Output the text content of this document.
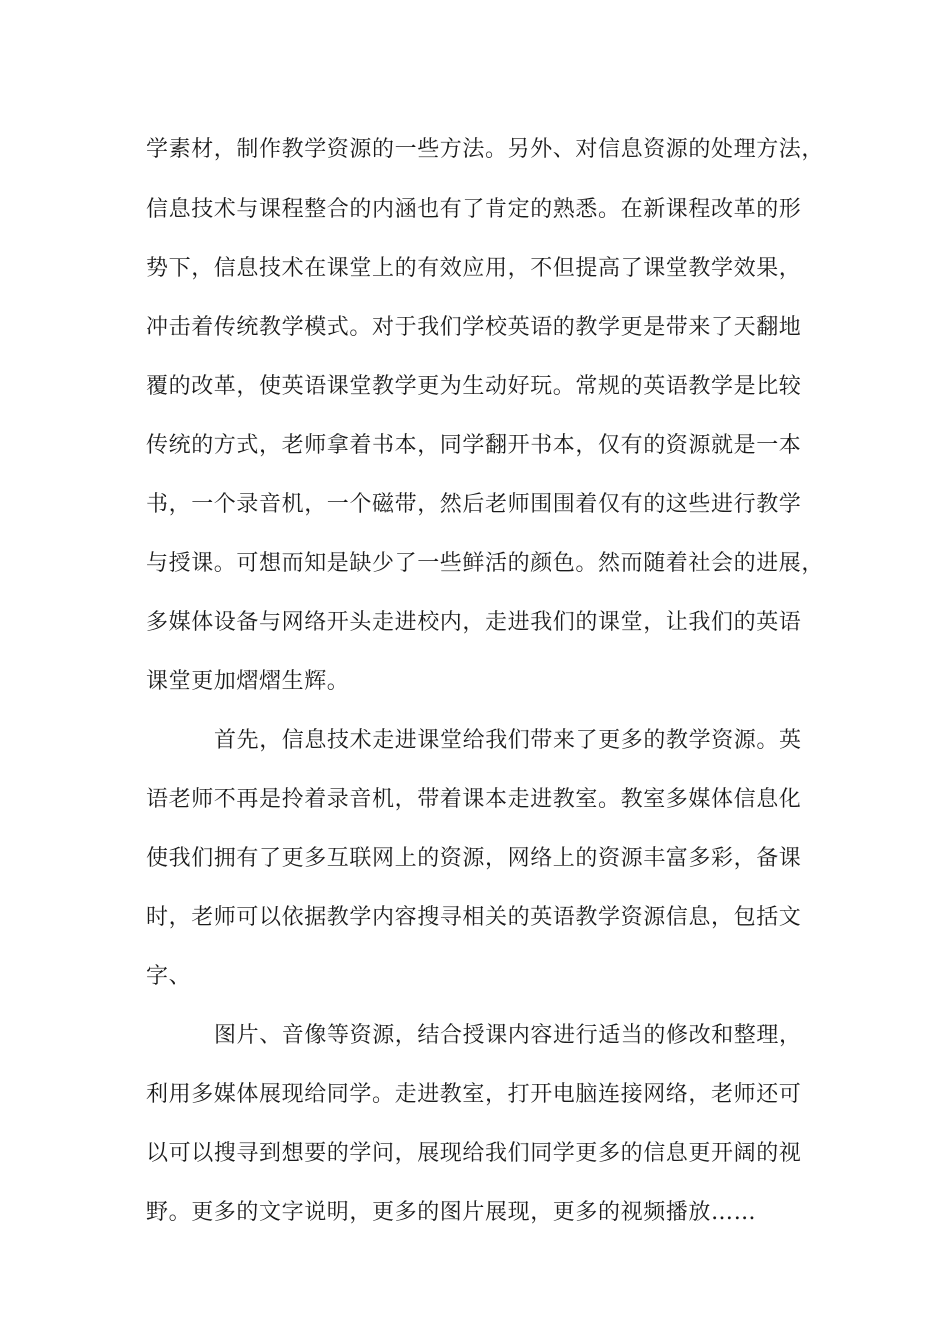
学素材，制作教学资源的一些方法。另外、对信息资源的处理方法，
信息技术与课程整合的内涵也有了肯定的熟悉。在新课程改革的形
势下，信息技术在课堂上的有效应用，不但提高了课堂教学效果，
冲击着传统教学模式。对于我们学校英语的教学更是带来了天翻地
覆的改革，使英语课堂教学更为生动好玩。常规的英语教学是比较
传统的方式，老师拿着书本，同学翻开书本，仅有的资源就是一本
书，一个录音机，一个磁带，然后老师围围着仅有的这些进行教学
与授课。可想而知是缺少了一些鲜活的颜色。然而随着社会的进展，
多媒体设备与网络开头走进校内，走进我们的课堂，让我们的英语
课堂更加熠熠生辉。
首先，信息技术走进课堂给我们带来了更多的教学资源。英
语老师不再是拎着录音机，带着课本走进教室。教室多媒体信息化
使我们拥有了更多互联网上的资源，网络上的资源丰富多彩，备课
时，老师可以依据教学内容搜寻相关的英语教学资源信息，包括文
字、
图片、音像等资源，结合授课内容进行适当的修改和整理，
利用多媒体展现给同学。走进教室，打开电脑连接网络，老师还可
以可以搜寻到想要的学问，展现给我们同学更多的信息更开阔的视
野。更多的文字说明，更多的图片展现，更多的视频播放……
